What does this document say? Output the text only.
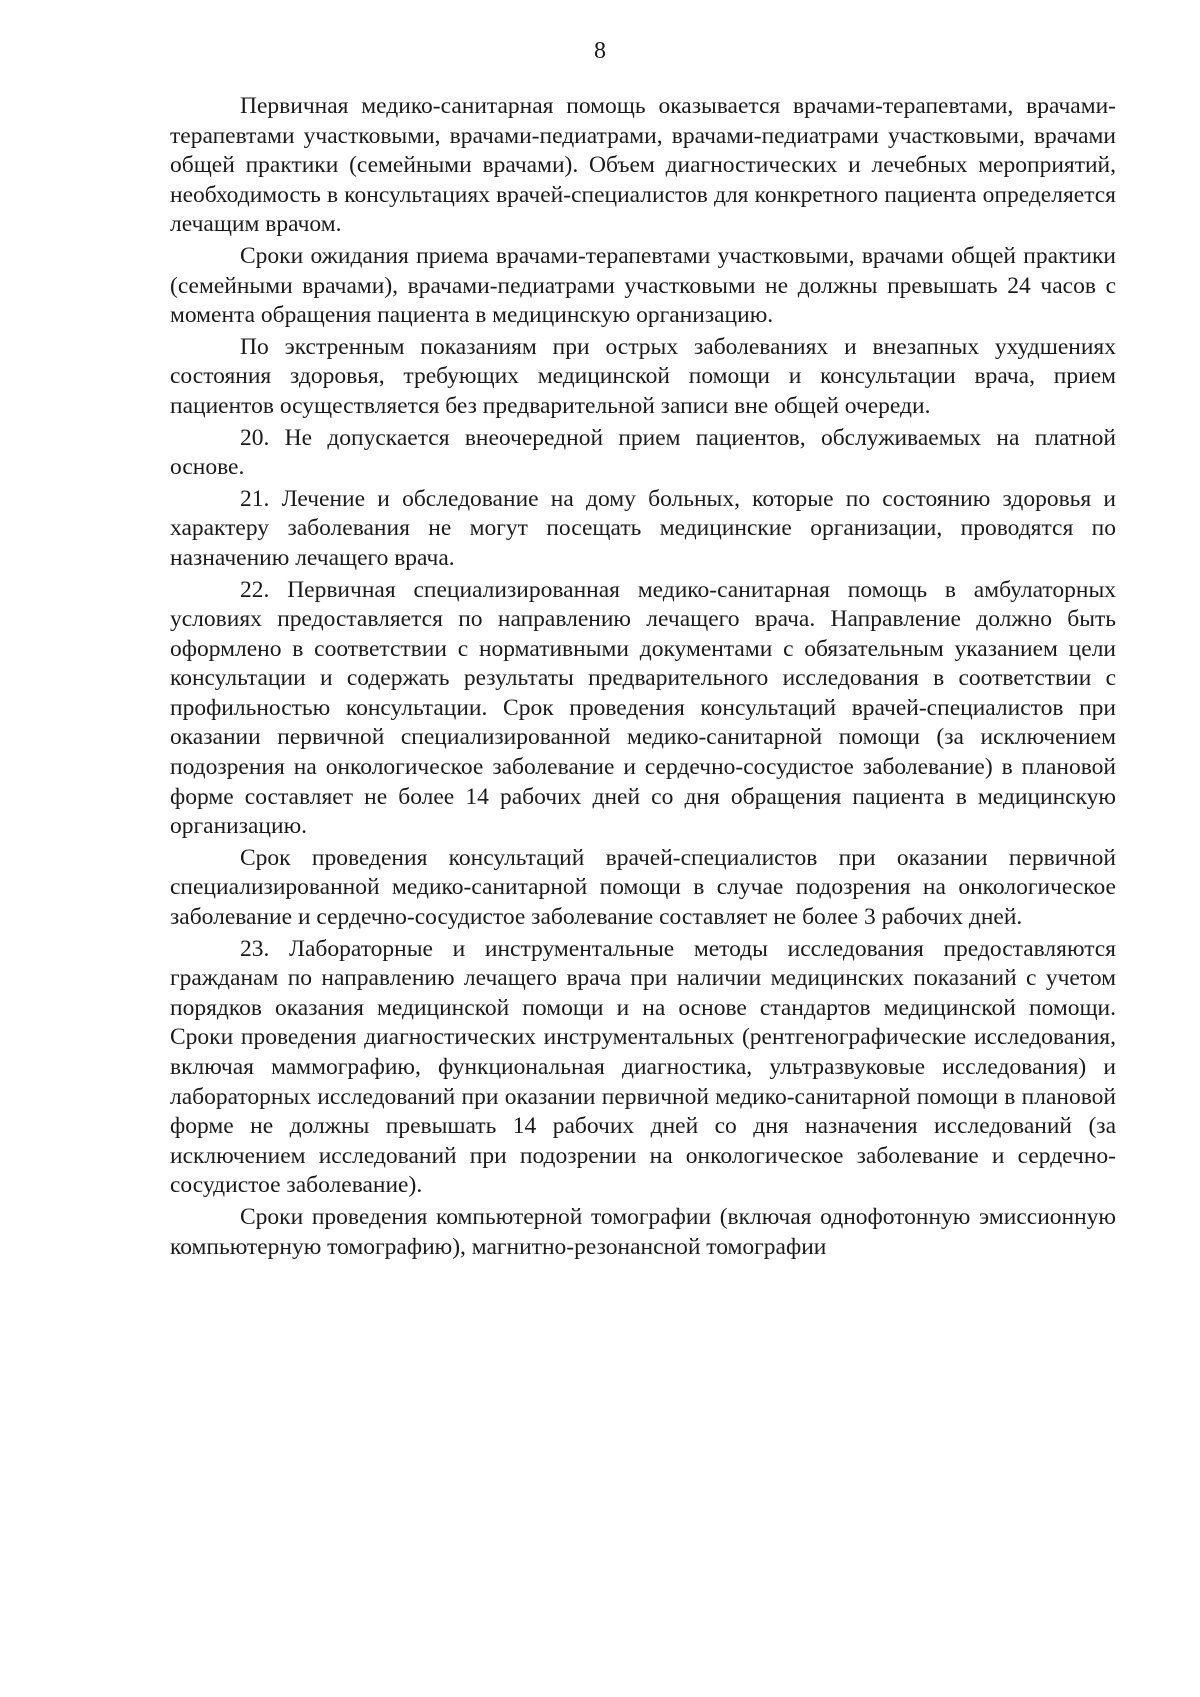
8

Первичная медико-санитарная помощь оказывается врачами-терапевтами, врачами-терапевтами участковыми, врачами-педиатрами, врачами-педиатрами участковыми, врачами общей практики (семейными врачами). Объем диагностических и лечебных мероприятий, необходимость в консультациях врачей-специалистов для конкретного пациента определяется лечащим врачом.

Сроки ожидания приема врачами-терапевтами участковыми, врачами общей практики (семейными врачами), врачами-педиатрами участковыми не должны превышать 24 часов с момента обращения пациента в медицинскую организацию.

По экстренным показаниям при острых заболеваниях и внезапных ухудшениях состояния здоровья, требующих медицинской помощи и консультации врача, прием пациентов осуществляется без предварительной записи вне общей очереди.

20. Не допускается внеочередной прием пациентов, обслуживаемых на платной основе.

21. Лечение и обследование на дому больных, которые по состоянию здоровья и характеру заболевания не могут посещать медицинские организации, проводятся по назначению лечащего врача.

22. Первичная специализированная медико-санитарная помощь в амбулаторных условиях предоставляется по направлению лечащего врача. Направление должно быть оформлено в соответствии с нормативными документами с обязательным указанием цели консультации и содержать результаты предварительного исследования в соответствии с профильностью консультации. Срок проведения консультаций врачей-специалистов при оказании первичной специализированной медико-санитарной помощи (за исключением подозрения на онкологическое заболевание и сердечно-сосудистое заболевание) в плановой форме составляет не более 14 рабочих дней со дня обращения пациента в медицинскую организацию.

Срок проведения консультаций врачей-специалистов при оказании первичной специализированной медико-санитарной помощи в случае подозрения на онкологическое заболевание и сердечно-сосудистое заболевание составляет не более 3 рабочих дней.

23. Лабораторные и инструментальные методы исследования предоставляются гражданам по направлению лечащего врача при наличии медицинских показаний с учетом порядков оказания медицинской помощи и на основе стандартов медицинской помощи. Сроки проведения диагностических инструментальных (рентгенографические исследования, включая маммографию, функциональная диагностика, ультразвуковые исследования) и лабораторных исследований при оказании первичной медико-санитарной помощи в плановой форме не должны превышать 14 рабочих дней со дня назначения исследований (за исключением исследований при подозрении на онкологическое заболевание и сердечно-сосудистое заболевание).

Сроки проведения компьютерной томографии (включая однофотонную эмиссионную компьютерную томографию), магнитно-резонансной томографии
